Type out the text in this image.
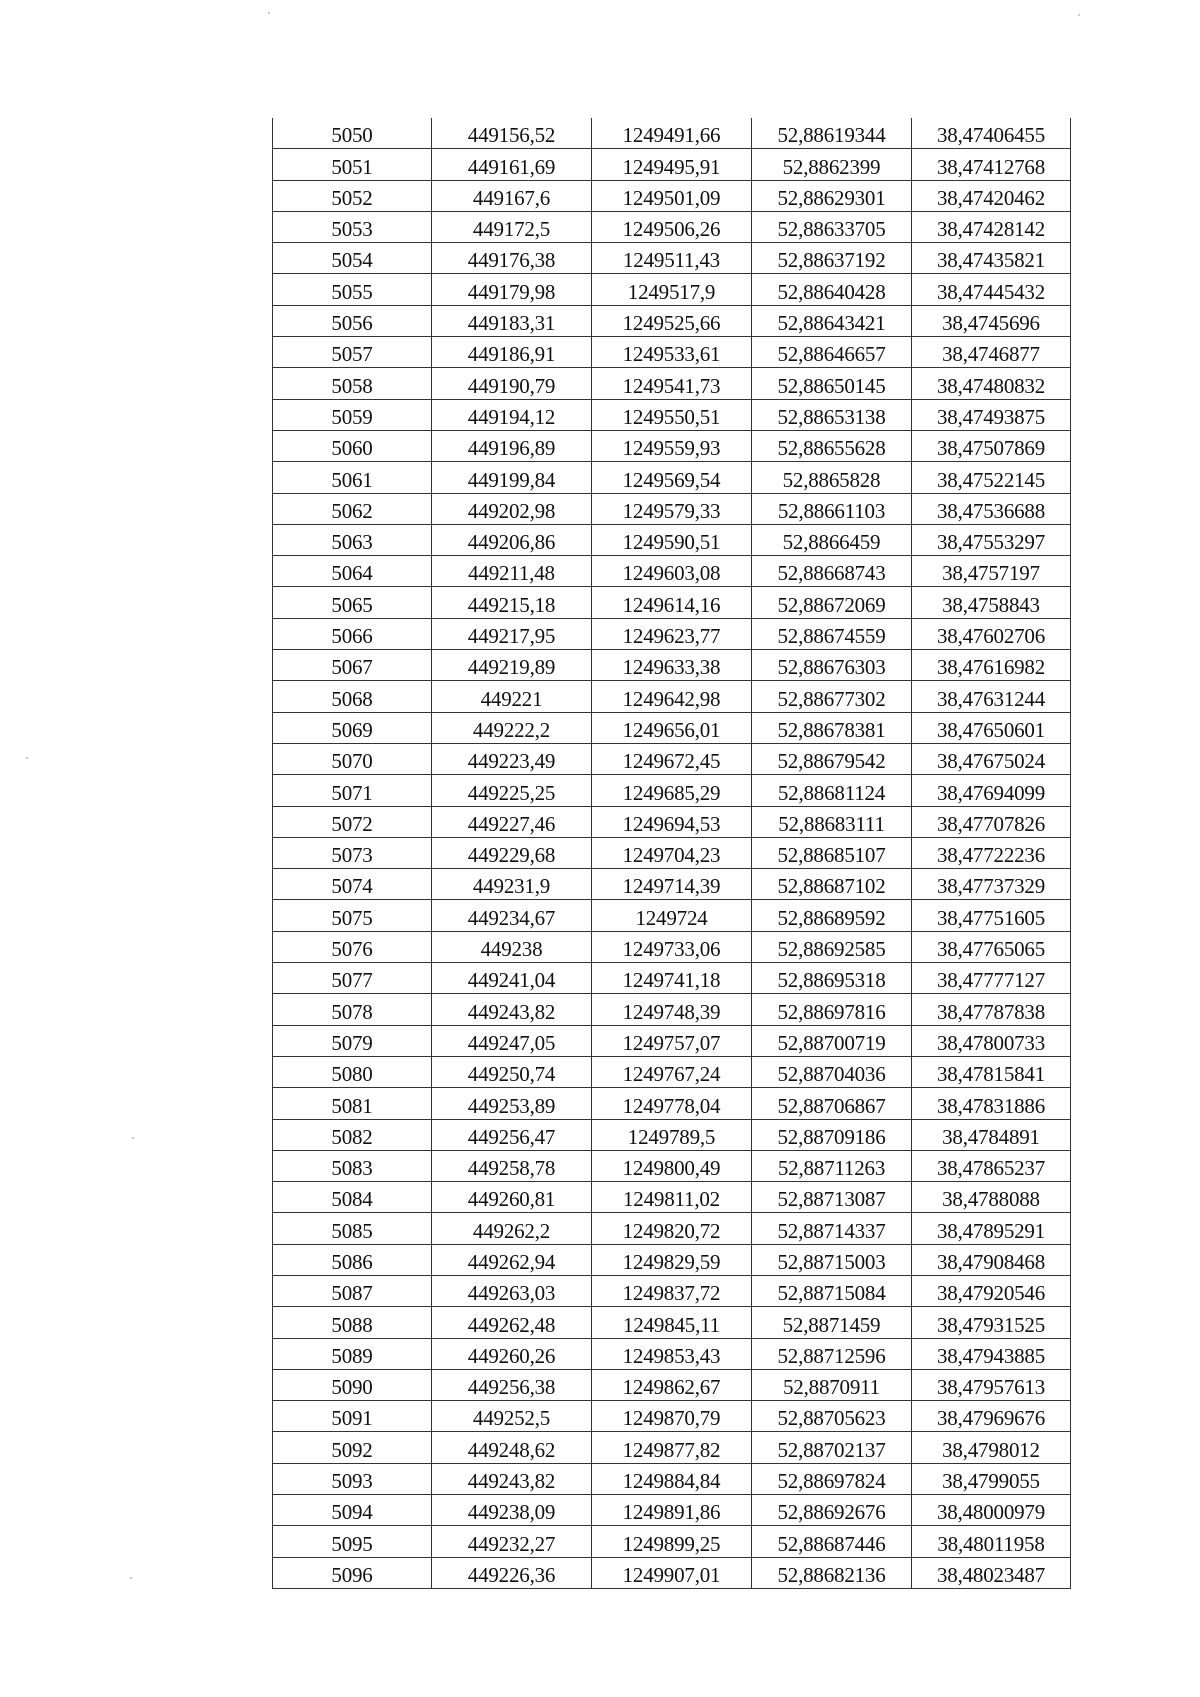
5050	449156,52	1249491,66	52,88619344	38,47406455
5051	449161,69	1249495,91	52,8862399	38,47412768
5052	449167,6	1249501,09	52,88629301	38,47420462
5053	449172,5	1249506,26	52,88633705	38,47428142
5054	449176,38	1249511,43	52,88637192	38,47435821
5055	449179,98	1249517,9	52,88640428	38,47445432
5056	449183,31	1249525,66	52,88643421	38,4745696
5057	449186,91	1249533,61	52,88646657	38,4746877
5058	449190,79	1249541,73	52,88650145	38,47480832
5059	449194,12	1249550,51	52,88653138	38,47493875
5060	449196,89	1249559,93	52,88655628	38,47507869
5061	449199,84	1249569,54	52,8865828	38,47522145
5062	449202,98	1249579,33	52,88661103	38,47536688
5063	449206,86	1249590,51	52,8866459	38,47553297
5064	449211,48	1249603,08	52,88668743	38,4757197
5065	449215,18	1249614,16	52,88672069	38,4758843
5066	449217,95	1249623,77	52,88674559	38,47602706
5067	449219,89	1249633,38	52,88676303	38,47616982
5068	449221	1249642,98	52,88677302	38,47631244
5069	449222,2	1249656,01	52,88678381	38,47650601
5070	449223,49	1249672,45	52,88679542	38,47675024
5071	449225,25	1249685,29	52,88681124	38,47694099
5072	449227,46	1249694,53	52,88683111	38,47707826
5073	449229,68	1249704,23	52,88685107	38,47722236
5074	449231,9	1249714,39	52,88687102	38,47737329
5075	449234,67	1249724	52,88689592	38,47751605
5076	449238	1249733,06	52,88692585	38,47765065
5077	449241,04	1249741,18	52,88695318	38,47777127
5078	449243,82	1249748,39	52,88697816	38,47787838
5079	449247,05	1249757,07	52,88700719	38,47800733
5080	449250,74	1249767,24	52,88704036	38,47815841
5081	449253,89	1249778,04	52,88706867	38,47831886
5082	449256,47	1249789,5	52,88709186	38,4784891
5083	449258,78	1249800,49	52,88711263	38,47865237
5084	449260,81	1249811,02	52,88713087	38,4788088
5085	449262,2	1249820,72	52,88714337	38,47895291
5086	449262,94	1249829,59	52,88715003	38,47908468
5087	449263,03	1249837,72	52,88715084	38,47920546
5088	449262,48	1249845,11	52,8871459	38,47931525
5089	449260,26	1249853,43	52,88712596	38,47943885
5090	449256,38	1249862,67	52,8870911	38,47957613
5091	449252,5	1249870,79	52,88705623	38,47969676
5092	449248,62	1249877,82	52,88702137	38,4798012
5093	449243,82	1249884,84	52,88697824	38,4799055
5094	449238,09	1249891,86	52,88692676	38,48000979
5095	449232,27	1249899,25	52,88687446	38,48011958
5096	449226,36	1249907,01	52,88682136	38,48023487
